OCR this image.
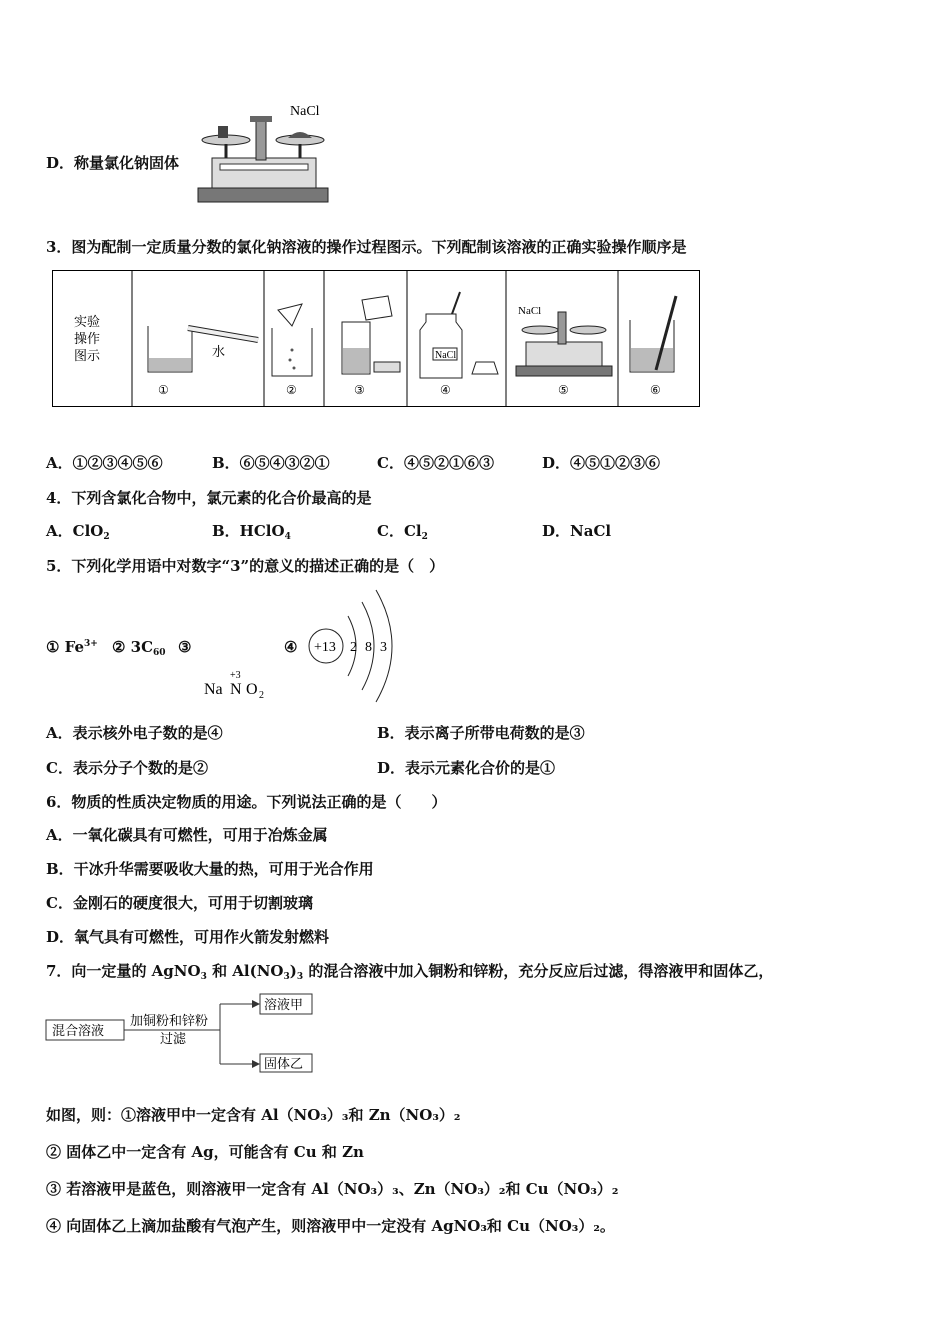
D．称量氯化钠固体
NaCl
3．图为配制一定质量分数的氯化钠溶液的操作过程图示。下列配制该溶液的正确实验操作顺序是
实验
操作
图示	水
①	②	③
NaCl
④
NaCl
⑤	⑥
A．①②③④⑤⑥	B．⑥⑤④③②①	C．④⑤②①⑥③	D．④⑤①②③⑥
4．下列含氯化合物中，氯元素的化合价最高的是
A．ClO$_2$	B．HClO$_4$	C．$Cl_2$	D．NaCl
5．下列化学用语中对数字“3”的意义的描述正确的是（　）
① $Fe^{3+}$ ② $3C_{60}$ ③	④
+3
Na N O 2
+13 2 8 3
A．表示核外电子数的是④	B．表示离子所带电荷数的是③
C．表示分子个数的是②	D．表示元素化合价的是①
6．物质的性质决定物质的用途。下列说法正确的是（　　）
A．一氧化碳具有可燃性，可用于冶炼金属
B．干冰升华需要吸收大量的热，可用于光合作用
C．金刚石的硬度很大，可用于切割玻璃
D．氧气具有可燃性，可用作火箭发射燃料
7．向一定量的 AgNO$_3$ 和 $Al(NO_3)_3$ 的混合溶液中加入铜粉和锌粉，充分反应后过滤，得溶液甲和固体乙，
混合溶液
加铜粉和锌粉
过滤
溶液甲
固体乙
如图，则：①溶液甲中一定含有 Al（NO₃）₃和 Zn（NO₃）₂
② 固体乙中一定含有 Ag，可能含有 Cu 和 Zn
③ 若溶液甲是蓝色，则溶液甲一定含有 Al（NO₃）₃、Zn（NO₃）₂和 Cu（NO₃）₂
④ 向固体乙上滴加盐酸有气泡产生，则溶液甲中一定没有 AgNO₃和 Cu（NO₃）₂。
